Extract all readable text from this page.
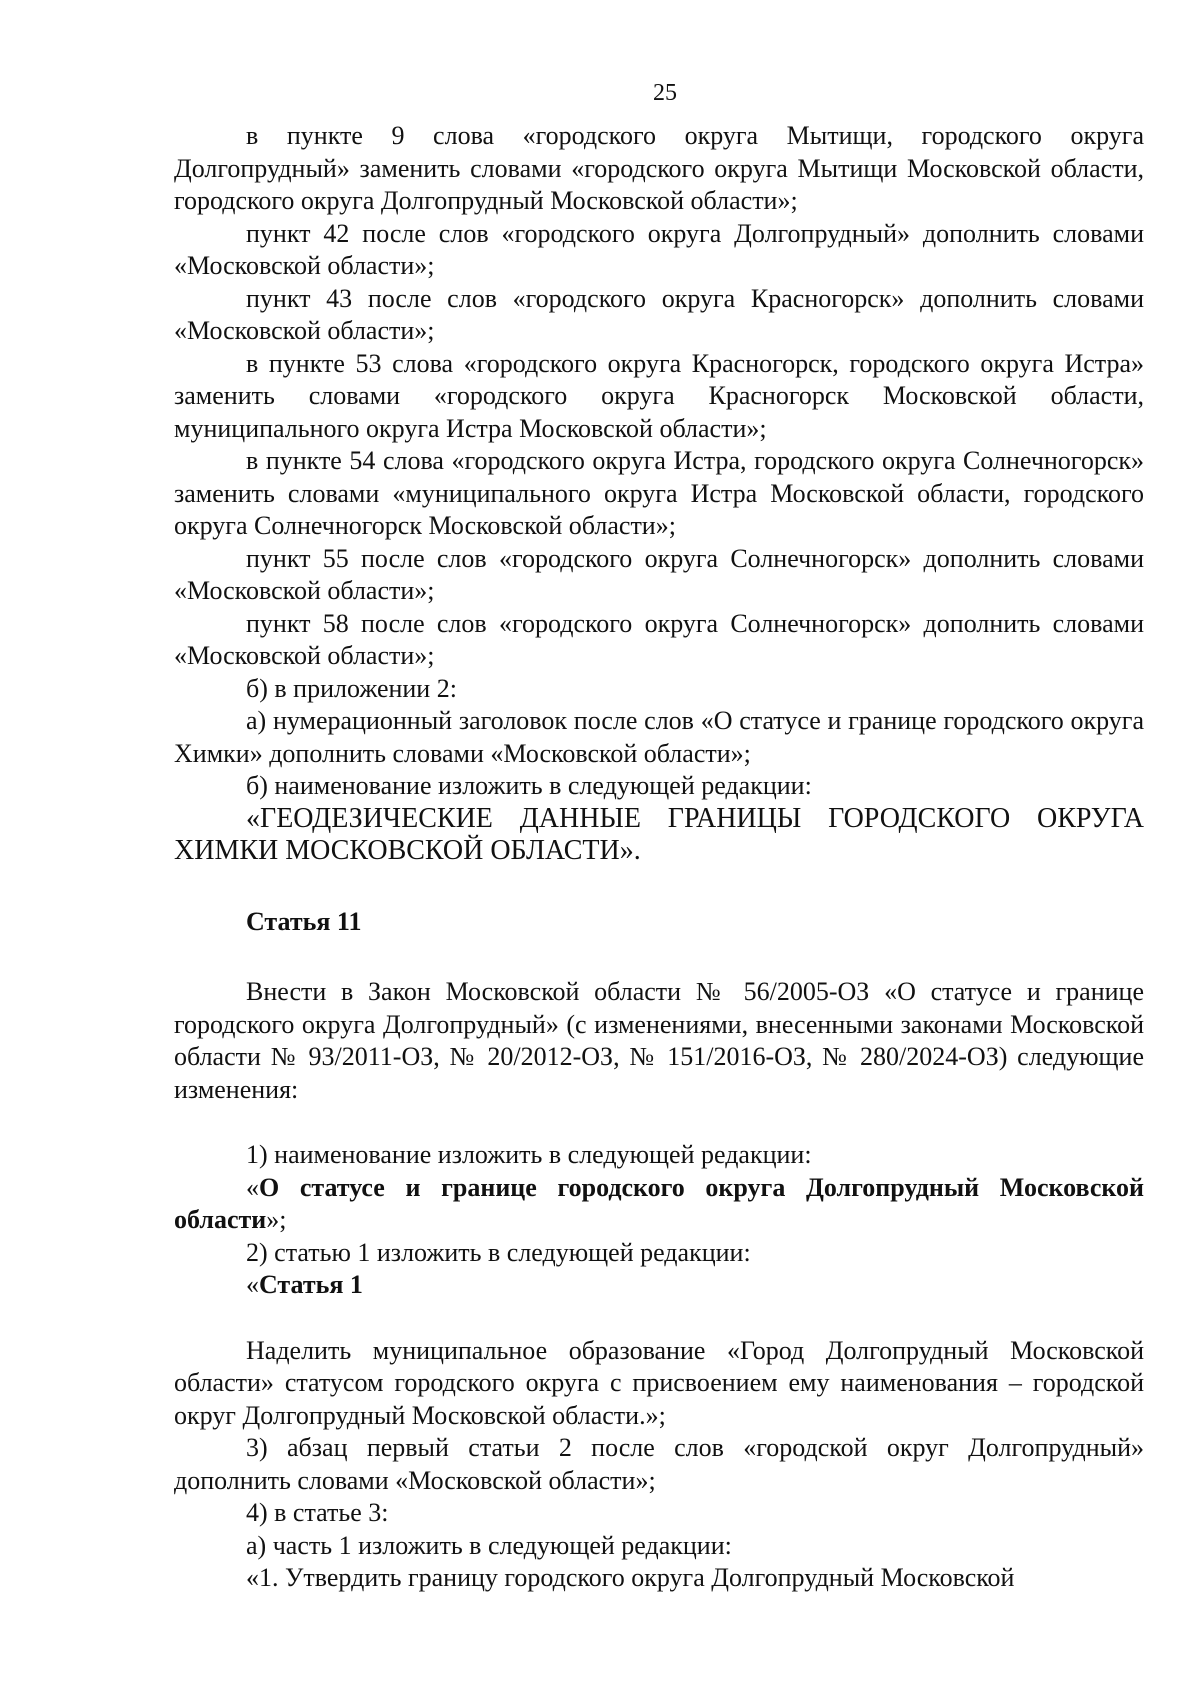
25

в пункте 9 слова «городского округа Мытищи, городского округа Долгопрудный» заменить словами «городского округа Мытищи Московской области, городского округа Долгопрудный Московской области»;

пункт 42 после слов «городского округа Долгопрудный» дополнить словами «Московской области»;

пункт 43 после слов «городского округа Красногорск» дополнить словами «Московской области»;

в пункте 53 слова «городского округа Красногорск, городского округа Истра» заменить словами «городского округа Красногорск Московской области, муниципального округа Истра Московской области»;

в пункте 54 слова «городского округа Истра, городского округа Солнечногорск» заменить словами «муниципального округа Истра Московской области, городского округа Солнечногорск Московской области»;

пункт 55 после слов «городского округа Солнечногорск» дополнить словами «Московской области»;

пункт 58 после слов «городского округа Солнечногорск» дополнить словами «Московской области»;

б) в приложении 2:

а) нумерационный заголовок после слов «О статусе и границе городского округа Химки» дополнить словами «Московской области»;

б) наименование изложить в следующей редакции:

«ГЕОДЕЗИЧЕСКИЕ ДАННЫЕ ГРАНИЦЫ ГОРОДСКОГО ОКРУГА ХИМКИ МОСКОВСКОЙ ОБЛАСТИ».

Статья 11

Внести в Закон Московской области № 56/2005-ОЗ «О статусе и границе городского округа Долгопрудный» (с изменениями, внесенными законами Московской области № 93/2011-ОЗ, № 20/2012-ОЗ, № 151/2016-ОЗ, № 280/2024-ОЗ) следующие изменения:

1) наименование изложить в следующей редакции:

«О статусе и границе городского округа Долгопрудный Московской области»;

2) статью 1 изложить в следующей редакции:

«Статья 1

Наделить муниципальное образование «Город Долгопрудный Московской области» статусом городского округа с присвоением ему наименования – городской округ Долгопрудный Московской области.»;

3) абзац первый статьи 2 после слов «городской округ Долгопрудный» дополнить словами «Московской области»;

4) в статье 3:

а) часть 1 изложить в следующей редакции:

«1. Утвердить границу городского округа Долгопрудный Московской
